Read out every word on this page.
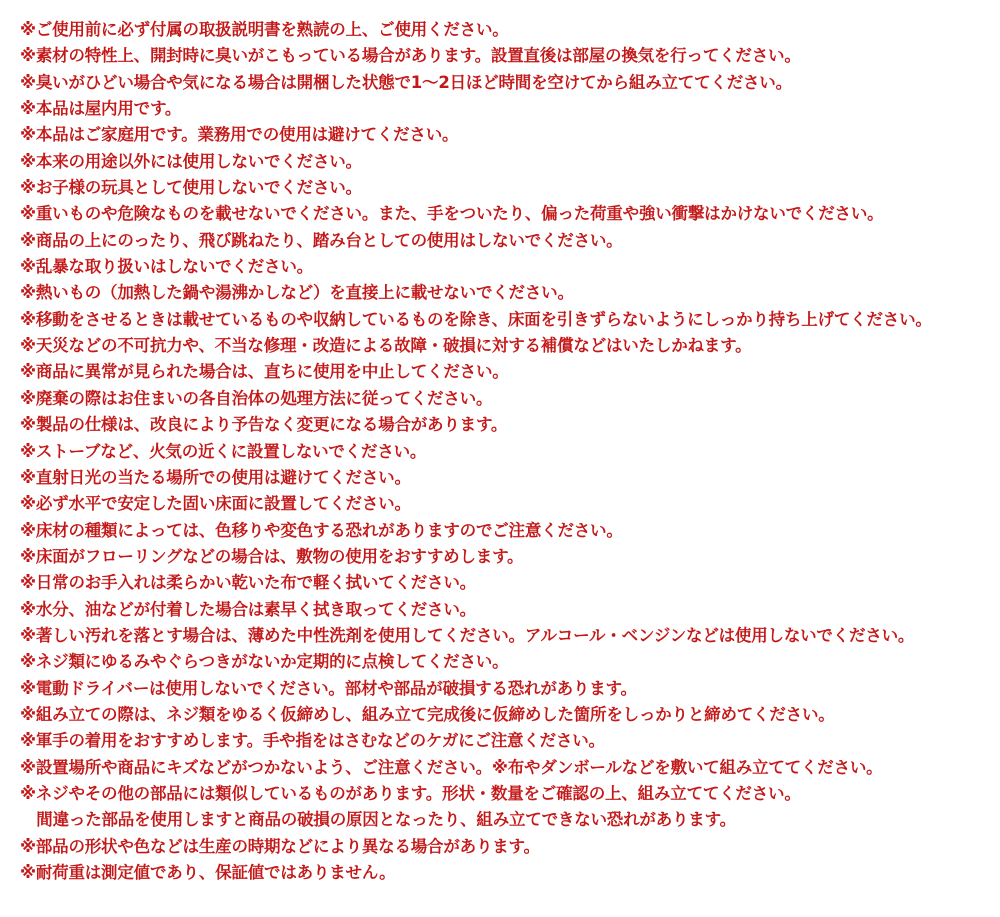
※ご使用前に必ず付属の取扱説明書を熟読の上、ご使用ください。
※素材の特性上、開封時に臭いがこもっている場合があります。設置直後は部屋の換気を行ってください。
※臭いがひどい場合や気になる場合は開梱した状態で1～2日ほど時間を空けてから組み立ててください。
※本品は屋内用です。
※本品はご家庭用です。業務用での使用は避けてください。
※本来の用途以外には使用しないでください。
※お子様の玩具として使用しないでください。
※重いものや危険なものを載せないでください。また、手をついたり、偏った荷重や強い衝撃はかけないでください。
※商品の上にのったり、飛び跳ねたり、踏み台としての使用はしないでください。
※乱暴な取り扱いはしないでください。
※熱いもの（加熱した鍋や湯沸かしなど）を直接上に載せないでください。
※移動をさせるときは載せているものや収納しているものを除き、床面を引きずらないようにしっかり持ち上げてください。
※天災などの不可抗力や、不当な修理・改造による故障・破損に対する補償などはいたしかねます。
※商品に異常が見られた場合は、直ちに使用を中止してください。
※廃棄の際はお住まいの各自治体の処理方法に従ってください。
※製品の仕様は、改良により予告なく変更になる場合があります。
※ストーブなど、火気の近くに設置しないでください。
※直射日光の当たる場所での使用は避けてください。
※必ず水平で安定した固い床面に設置してください。
※床材の種類によっては、色移りや変色する恐れがありますのでご注意ください。
※床面がフローリングなどの場合は、敷物の使用をおすすめします。
※日常のお手入れは柔らかい乾いた布で軽く拭いてください。
※水分、油などが付着した場合は素早く拭き取ってください。
※著しい汚れを落とす場合は、薄めた中性洗剤を使用してください。アルコール・ベンジンなどは使用しないでください。
※ネジ類にゆるみやぐらつきがないか定期的に点検してください。
※電動ドライバーは使用しないでください。部材や部品が破損する恐れがあります。
※組み立ての際は、ネジ類をゆるく仮締めし、組み立て完成後に仮締めした箇所をしっかりと締めてください。
※軍手の着用をおすすめします。手や指をはさむなどのケガにご注意ください。
※設置場所や商品にキズなどがつかないよう、ご注意ください。※布やダンボールなどを敷いて組み立ててください。
※ネジやその他の部品には類似しているものがあります。形状・数量をご確認の上、組み立ててください。
　間違った部品を使用しますと商品の破損の原因となったり、組み立てできない恐れがあります。
※部品の形状や色などは生産の時期などにより異なる場合があります。
※耐荷重は測定値であり、保証値ではありません。
